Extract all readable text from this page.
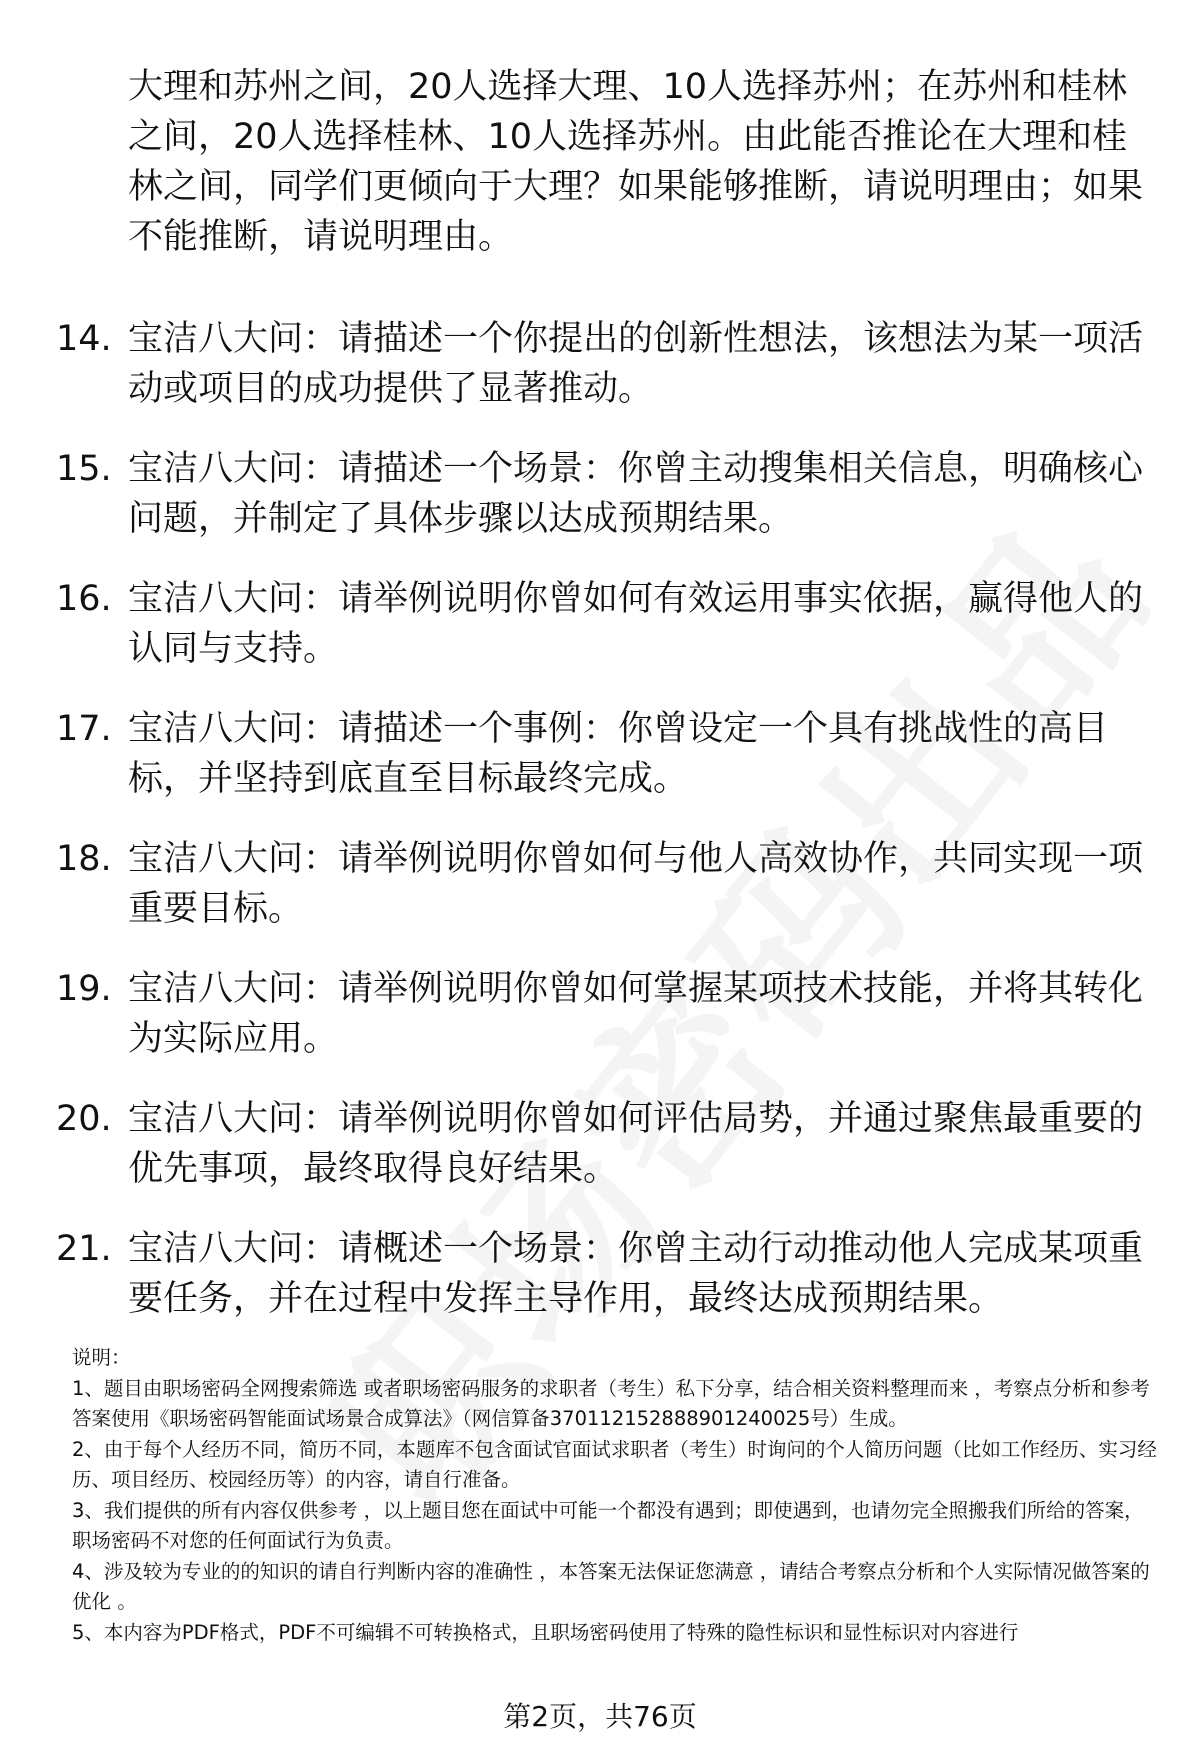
大理和苏州之间，20人选择大理、10人选择苏州；在苏州和桂林之间，20人选择桂林、10人选择苏州。由此能否推论在大理和桂林之间，同学们更倾向于大理？如果能够推断，请说明理由；如果不能推断，请说明理由。
14. 宝洁八大问：请描述一个你提出的创新性想法，该想法为某一项活动或项目的成功提供了显著推动。
15. 宝洁八大问：请描述一个场景：你曾主动搜集相关信息，明确核心问题，并制定了具体步骤以达成预期结果。
16. 宝洁八大问：请举例说明你曾如何有效运用事实依据，赢得他人的认同与支持。
17. 宝洁八大问：请描述一个事例：你曾设定一个具有挑战性的高目标，并坚持到底直至目标最终完成。
18. 宝洁八大问：请举例说明你曾如何与他人高效协作，共同实现一项重要目标。
19. 宝洁八大问：请举例说明你曾如何掌握某项技术技能，并将其转化为实际应用。
20. 宝洁八大问：请举例说明你曾如何评估局势，并通过聚焦最重要的优先事项，最终取得良好结果。
21. 宝洁八大问：请概述一个场景：你曾主动行动推动他人完成某项重要任务，并在过程中发挥主导作用，最终达成预期结果。

说明：

1、题目由职场密码全网搜索筛选 或者职场密码服务的求职者（考生）私下分享，结合相关资料整理而来 ，考察点分析和参考答案使用《职场密码智能面试场景合成算法》（网信算备370112152888901240025号）生成。

2、由于每个人经历不同，简历不同，本题库不包含面试官面试求职者（考生）时询问的个人简历问题（比如工作经历、实习经历、项目经历、校园经历等）的内容，请自行准备。

3、我们提供的所有内容仅供参考 ，以上题目您在面试中可能一个都没有遇到；即使遇到，也请勿完全照搬我们所给的答案，职场密码不对您的任何面试行为负责。

4、涉及较为专业的的知识的请自行判断内容的准确性 ，本答案无法保证您满意 ，请结合考察点分析和个人实际情况做答案的优化 。

5、本内容为PDF格式，PDF不可编辑不可转换格式，且职场密码使用了特殊的隐性标识和显性标识对内容进行

第2页，共76页
